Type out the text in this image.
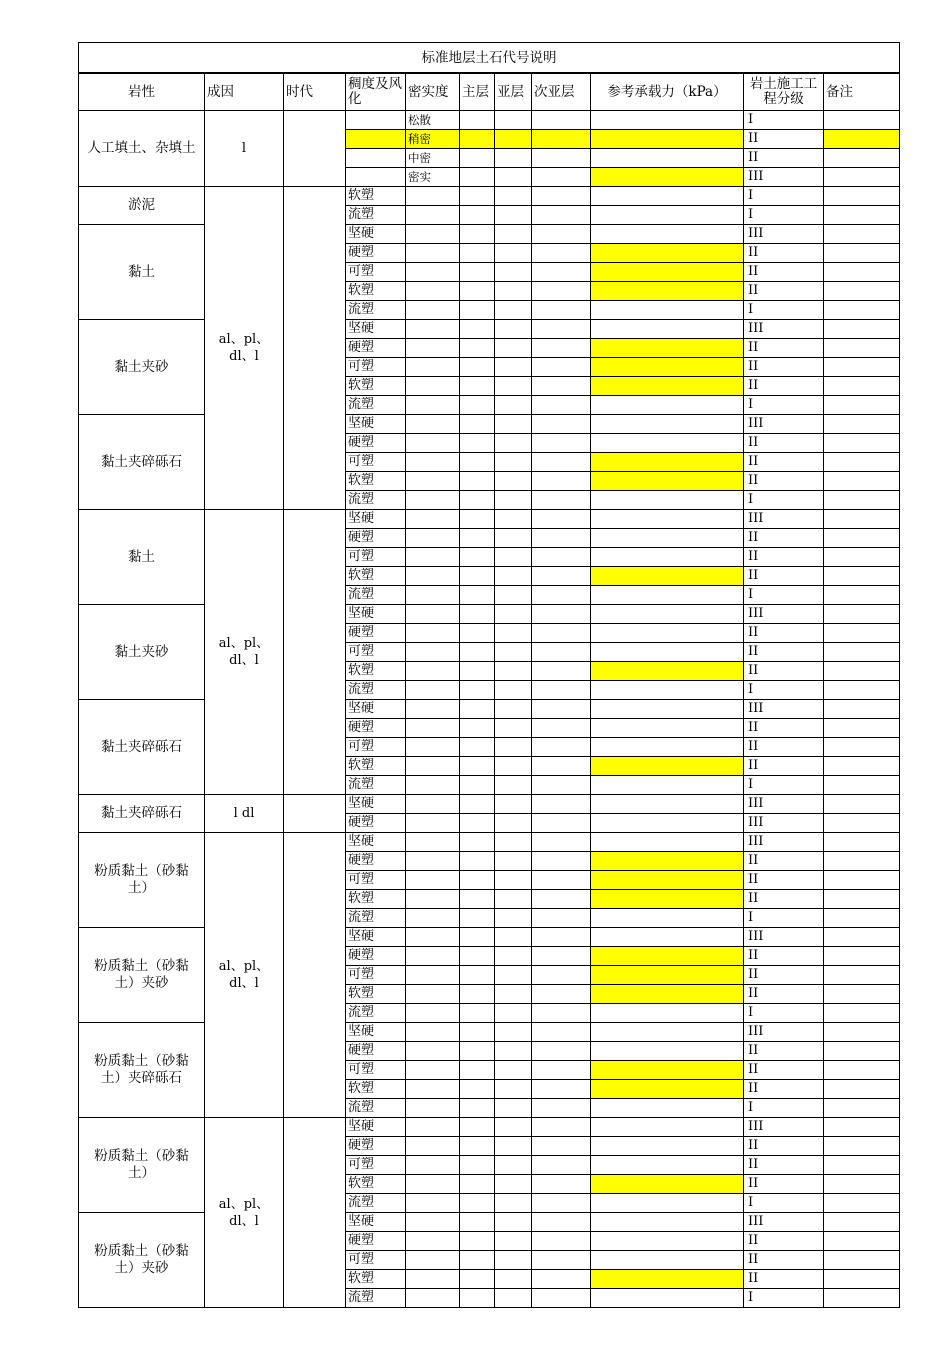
标准地层土石代号说明										
岩性	成因	时代	稠度及风化	密实度	主层	亚层	次亚层	参考承载力（kPa）	岩土施工工程分级	备注
人工填土、杂填土	l			松散					I	
				稍密					II	
				中密					II	
				密实					III	
淤泥	al、pl、dl、l		软塑						I	
			流塑						I	
黏土			坚硬						III	
			硬塑						II	
			可塑						II	
			软塑						II	
			流塑						I	
黏土夹砂			坚硬						III	
			硬塑						II	
			可塑						II	
			软塑						II	
			流塑						I	
黏土夹碎砾石			坚硬						III	
			硬塑						II	
			可塑						II	
			软塑						II	
			流塑						I	
黏土	al、pl、dl、l		坚硬						III	
			硬塑						II	
			可塑						II	
			软塑						II	
			流塑						I	
黏土夹砂			坚硬						III	
			硬塑						II	
			可塑						II	
			软塑						II	
			流塑						I	
黏土夹碎砾石			坚硬						III	
			硬塑						II	
			可塑						II	
			软塑						II	
			流塑						I	
黏土夹碎砾石	l dl		坚硬						III	
			硬塑						III	
粉质黏土（砂黏土）	al、pl、dl、l		坚硬						III	
			硬塑						II	
			可塑						II	
			软塑						II	
			流塑						I	
粉质黏土（砂黏土）夹砂			坚硬						III	
			硬塑						II	
			可塑						II	
			软塑						II	
			流塑						I	
粉质黏土（砂黏土）夹碎砾石			坚硬						III	
			硬塑						II	
			可塑						II	
			软塑						II	
			流塑						I	
粉质黏土（砂黏土）	al、pl、dl、l		坚硬						III	
			硬塑						II	
			可塑						II	
			软塑						II	
			流塑						I	
粉质黏土（砂黏土）夹砂			坚硬						III	
			硬塑						II	
			可塑						II	
			软塑						II	
			流塑						I	
